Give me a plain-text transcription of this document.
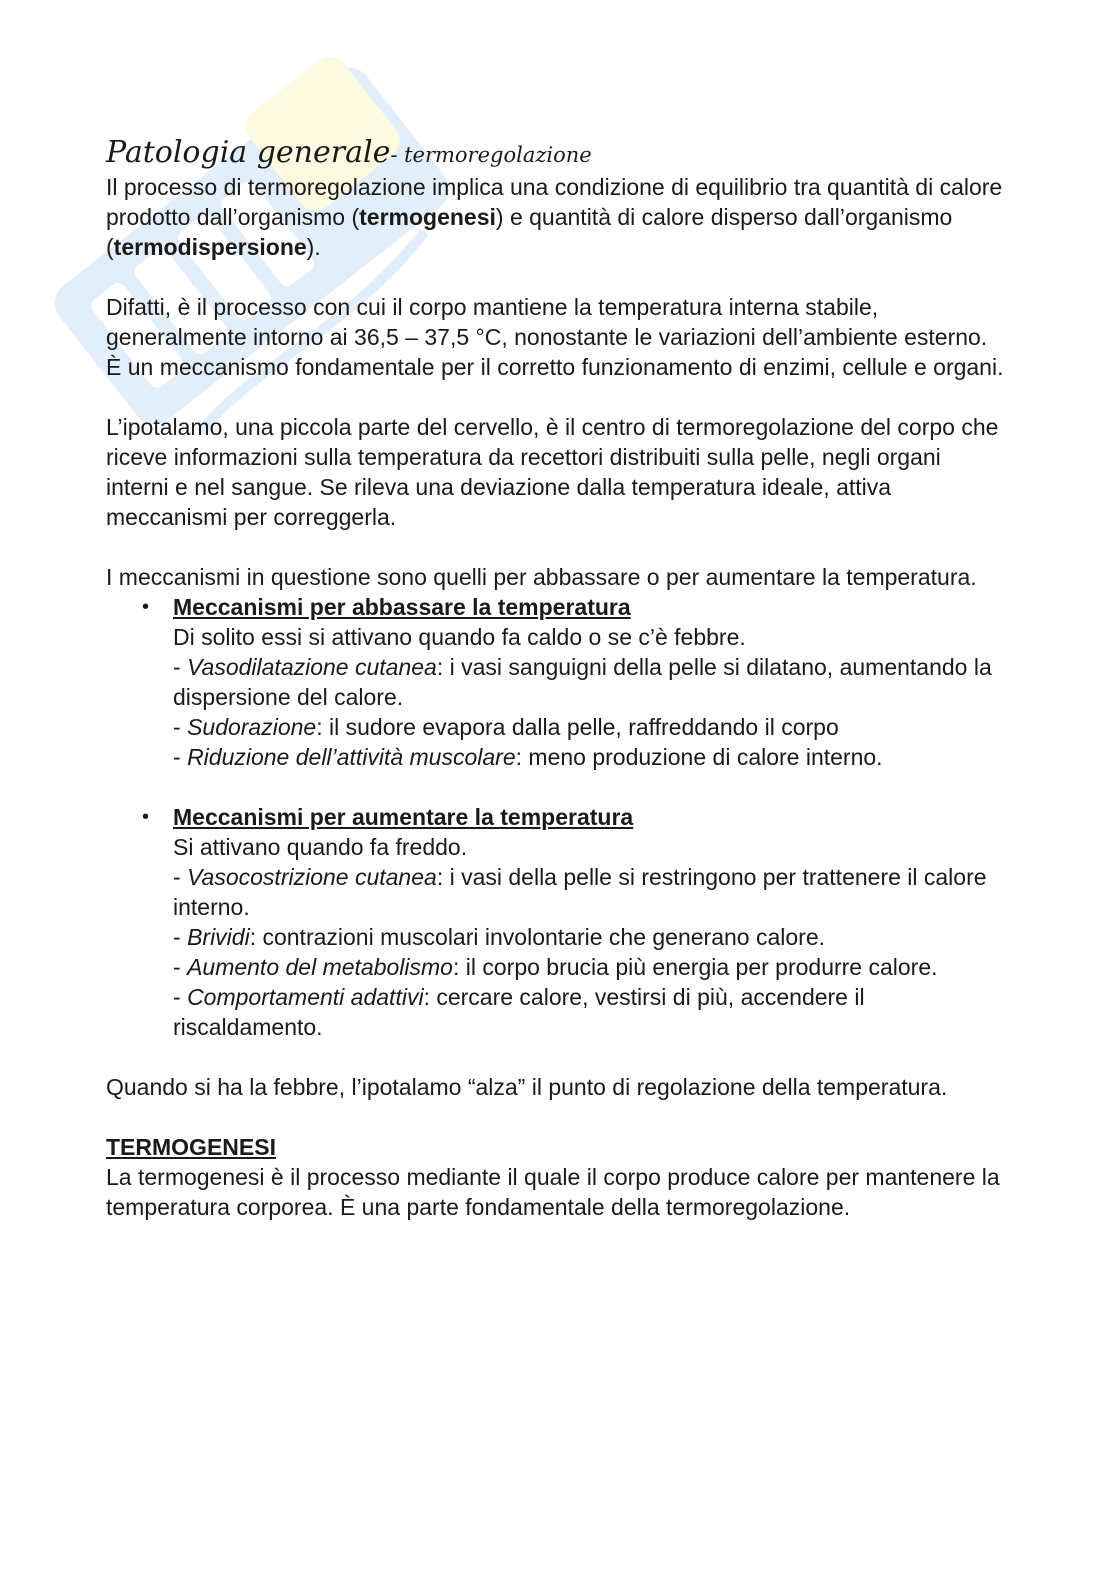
Patologia generale- termoregolazione

Il processo di termoregolazione implica una condizione di equilibrio tra quantità di calore prodotto dall’organismo (termogenesi) e quantità di calore disperso dall’organismo (termodispersione).

Difatti, è il processo con cui il corpo mantiene la temperatura interna stabile, generalmente intorno ai 36,5 – 37,5 °C, nonostante le variazioni dell’ambiente esterno. È un meccanismo fondamentale per il corretto funzionamento di enzimi, cellule e organi.

L’ipotalamo, una piccola parte del cervello, è il centro di termoregolazione del corpo che riceve informazioni sulla temperatura da recettori distribuiti sulla pelle, negli organi interni e nel sangue. Se rileva una deviazione dalla temperatura ideale, attiva meccanismi per correggerla.

I meccanismi in questione sono quelli per abbassare o per aumentare la temperatura.

• Meccanismi per abbassare la temperatura
Di solito essi si attivano quando fa caldo o se c’è febbre.
- Vasodilatazione cutanea: i vasi sanguigni della pelle si dilatano, aumentando la dispersione del calore.
- Sudorazione: il sudore evapora dalla pelle, raffreddando il corpo
- Riduzione dell’attività muscolare: meno produzione di calore interno.
• Meccanismi per aumentare la temperatura
Si attivano quando fa freddo.
- Vasocostrizione cutanea: i vasi della pelle si restringono per trattenere il calore interno.
- Brividi: contrazioni muscolari involontarie che generano calore.
- Aumento del metabolismo: il corpo brucia più energia per produrre calore.
- Comportamenti adattivi: cercare calore, vestirsi di più, accendere il riscaldamento.

Quando si ha la febbre, l’ipotalamo “alza” il punto di regolazione della temperatura.

TERMOGENESI

La termogenesi è il processo mediante il quale il corpo produce calore per mantenere la temperatura corporea. È una parte fondamentale della termoregolazione.
